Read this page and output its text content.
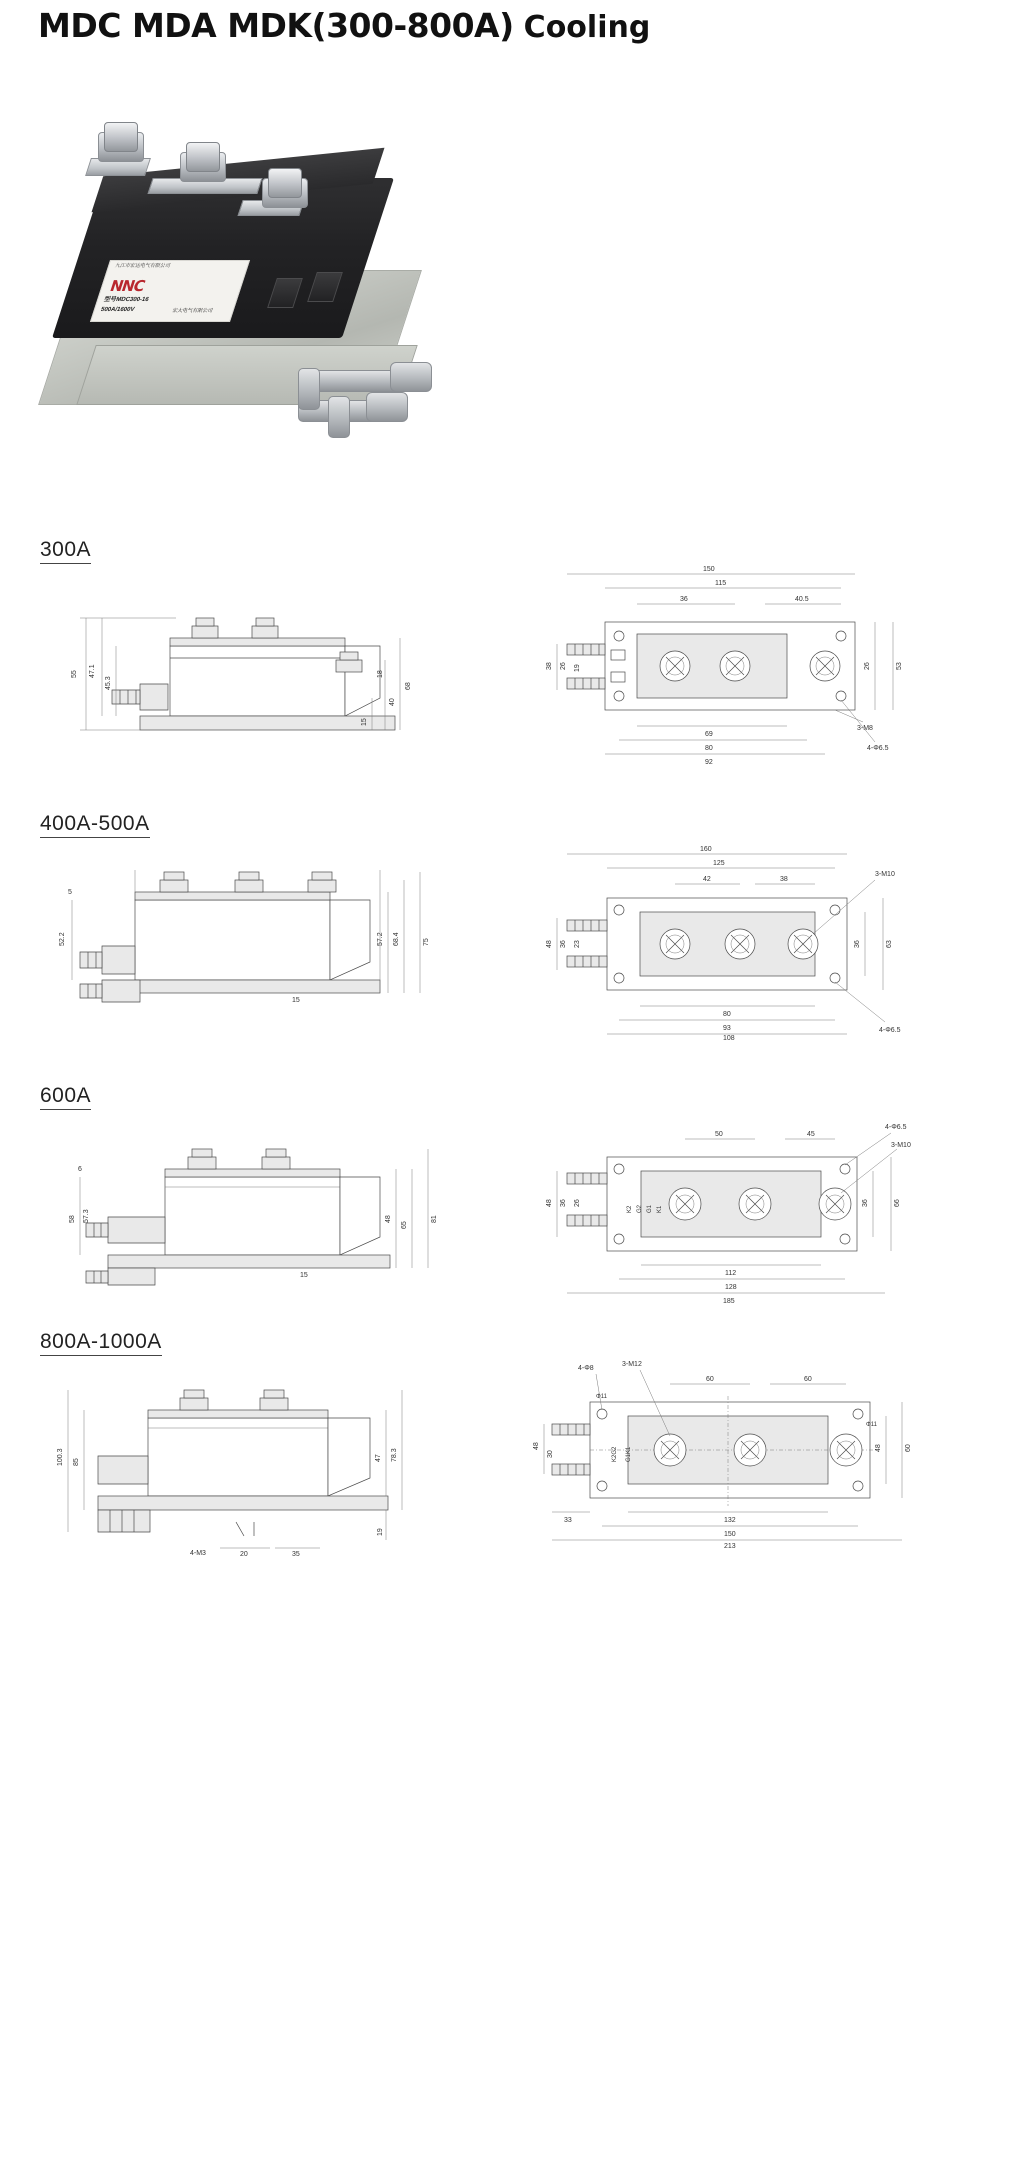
MDC MDA MDK(300-800A) Cooling
九江市宏达电气有限公司
NNC
型号MDC300-16
500A/1600V	宏大电气有限公司
300A
55 47.1
45.3	68
40
18
15
150
115
36	40.5
69
80
92
38 26 19	26	53
3-M8
4-Φ6.5
400A-500A
5
52.2	57.2 68.4	75
15
160
125
42	38
3-M10
48 36 23	36	63
80
93
108
4-Φ6.5
600A
6
58 57.3
15
48
65
81
K2 G2 G1 K1
50	45
4-Φ6.5
3-M10
48 36 26	36	66
112
128
185
800A-1000A
100.3 85
47 78.3
19
4-M3	20	35
K2G2 G1K1
4-Φ8
3-M12
60	60
Φ11
Φ11
48
30
48	60
33	132
150
213
